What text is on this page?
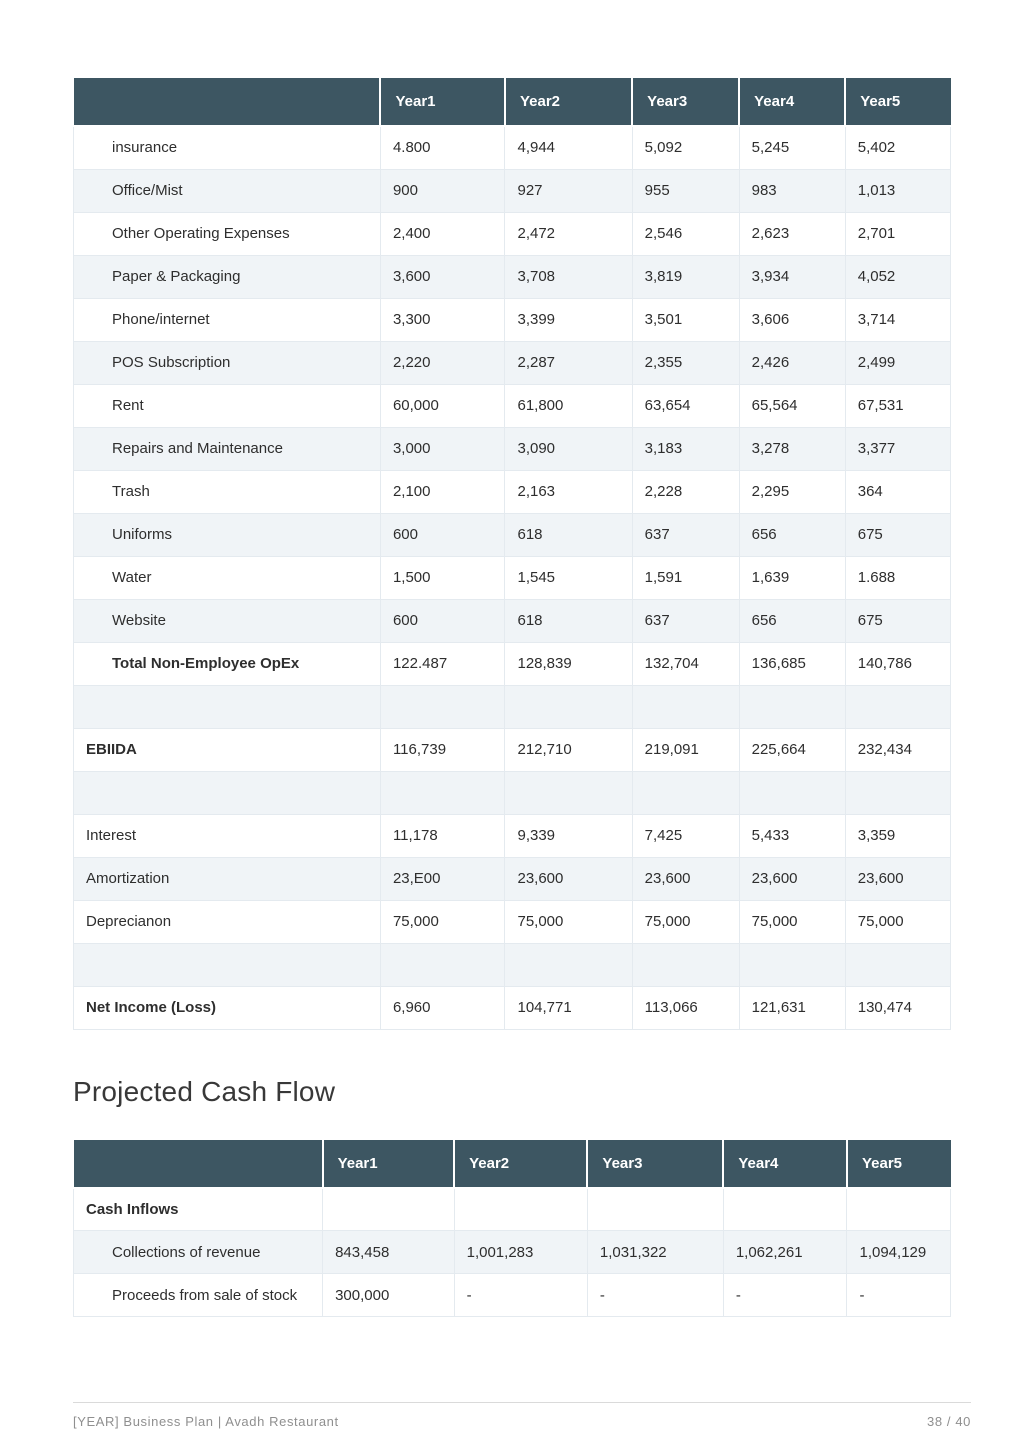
	Year1	Year2	Year3	Year4	Year5
insurance	4.800	4,944	5,092	5,245	5,402
Office/Mist	900	927	955	983	1,013
Other Operating Expenses	2,400	2,472	2,546	2,623	2,701
Paper & Packaging	3,600	3,708	3,819	3,934	4,052
Phone/internet	3,300	3,399	3,501	3,606	3,714
POS Subscription	2,220	2,287	2,355	2,426	2,499
Rent	60,000	61,800	63,654	65,564	67,531
Repairs and Maintenance	3,000	3,090	3,183	3,278	3,377
Trash	2,100	2,163	2,228	2,295	364
Uniforms	600	618	637	656	675
Water	1,500	1,545	1,591	1,639	1.688
Website	600	618	637	656	675
Total Non-Employee OpEx	122.487	128,839	132,704	136,685	140,786

EBIIDA	116,739	212,710	219,091	225,664	232,434

Interest	11,178	9,339	7,425	5,433	3,359
Amortization	23,E00	23,600	23,600	23,600	23,600
Deprecianon	75,000	75,000	75,000	75,000	75,000

Net Income (Loss)	6,960	104,771	113,066	121,631	130,474
Projected Cash Flow
	Year1	Year2	Year3	Year4	Year5
Cash Inflows					
Collections of revenue	843,458	1,001,283	1,031,322	1,062,261	1,094,129
Proceeds from sale of stock	300,000	-	-	-	-
[YEAR] Business Plan | Avadh Restaurant	38 / 40
